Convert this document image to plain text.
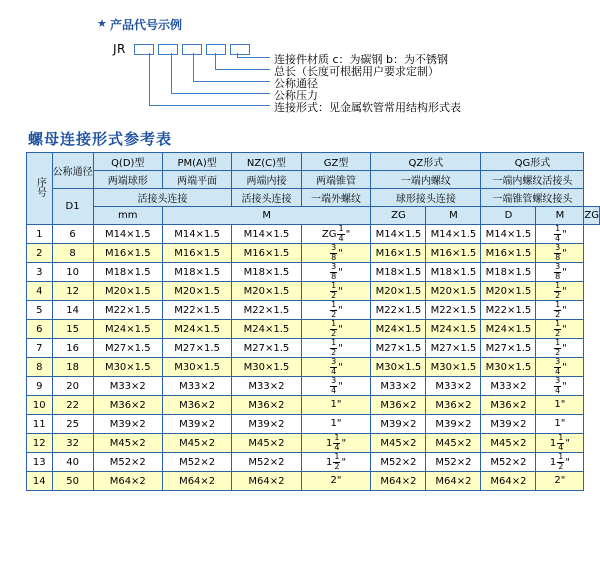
★ 产品代号示例
JR
连接件材质 c：为碳钢 b：为不锈钢
总长（长度可根据用户要求定制）
公称通径
公称压力
连接形式：见金属软管常用结构形式表
螺母连接形式参考表
序号	公称通径	Q(D)型	PM(A)型	NZ(C)型	GZ型	QZ形式		QG形式		
		两端球形	两端平面	两端内接	两端锥管	一端内螺纹		一端内螺纹活接头		
	D1	活接头连接		活接头连接	一端外螺纹	球形接头连接		一端锥管螺纹接头		
		mm	M			ZG	M	D	M	ZG
1	6	M14×1.5	M14×1.5	M14×1.5	ZG $\frac{1}{4}$ "	M14×1.5	M14×1.5	M14×1.5	$\frac{1}{4}$ "	
2	8	M16×1.5	M16×1.5	M16×1.5	$\frac{3}{8}$ "	M16×1.5	M16×1.5	M16×1.5	$\frac{3}{8}$ "	
3	10	M18×1.5	M18×1.5	M18×1.5	$\frac{3}{8}$ "	M18×1.5	M18×1.5	M18×1.5	$\frac{3}{8}$ "	
4	12	M20×1.5	M20×1.5	M20×1.5	$\frac{1}{2}$ "	M20×1.5	M20×1.5	M20×1.5	$\frac{1}{2}$ "	
5	14	M22×1.5	M22×1.5	M22×1.5	$\frac{1}{2}$ "	M22×1.5	M22×1.5	M22×1.5	$\frac{1}{2}$ "	
6	15	M24×1.5	M24×1.5	M24×1.5	$\frac{1}{2}$ "	M24×1.5	M24×1.5	M24×1.5	$\frac{1}{2}$ "	
7	16	M27×1.5	M27×1.5	M27×1.5	$\frac{1}{2}$ "	M27×1.5	M27×1.5	M27×1.5	$\frac{1}{2}$ "	
8	18	M30×1.5	M30×1.5	M30×1.5	$\frac{3}{4}$ "	M30×1.5	M30×1.5	M30×1.5	$\frac{3}{4}$ "	
9	20	M33×2	M33×2	M33×2	$\frac{3}{4}$ "	M33×2	M33×2	M33×2	$\frac{3}{4}$ "	
10	22	M36×2	M36×2	M36×2	1"	M36×2	M36×2	M36×2	1"	
11	25	M39×2	M39×2	M39×2	1"	M39×2	M39×2	M39×2	1"	
12	32	M45×2	M45×2	M45×2	$1 \frac{1}{4}$ "	M45×2	M45×2	M45×2	$1 \frac{1}{4}$ "	
13	40	M52×2	M52×2	M52×2	$1 \frac{1}{2}$ "	M52×2	M52×2	M52×2	$1 \frac{1}{2}$ "	
14	50	M64×2	M64×2	M64×2	2"	M64×2	M64×2	M64×2	2"	
